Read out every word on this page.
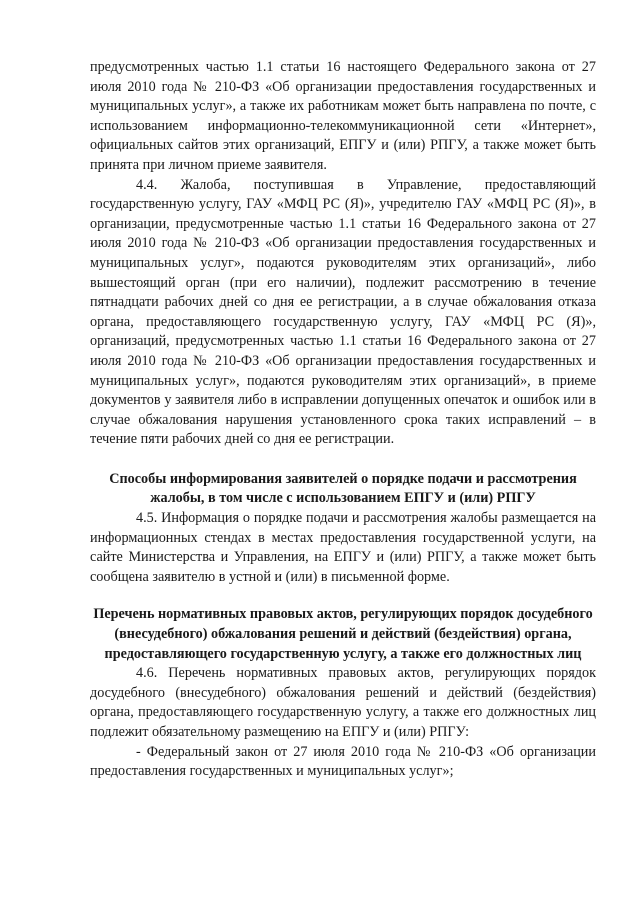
предусмотренных частью 1.1 статьи 16 настоящего Федерального закона от 27 июля 2010 года № 210-ФЗ «Об организации предоставления государственных и муниципальных услуг», а также их работникам может быть направлена по почте, с использованием информационно-телекоммуникационной сети «Интернет», официальных сайтов этих организаций, ЕПГУ и (или) РПГУ, а также может быть принята при личном приеме заявителя.

4.4. Жалоба, поступившая в Управление, предоставляющий государственную услугу, ГАУ «МФЦ РС (Я)», учредителю ГАУ «МФЦ РС (Я)», в организации, предусмотренные частью 1.1 статьи 16 Федерального закона от 27 июля 2010 года № 210-ФЗ «Об организации предоставления государственных и муниципальных услуг», подаются руководителям этих организаций», либо вышестоящий орган (при его наличии), подлежит рассмотрению в течение пятнадцати рабочих дней со дня ее регистрации, а в случае обжалования отказа органа, предоставляющего государственную услугу, ГАУ «МФЦ РС (Я)», организаций, предусмотренных частью 1.1 статьи 16 Федерального закона от 27 июля 2010 года № 210-ФЗ «Об организации предоставления государственных и муниципальных услуг», подаются руководителям этих организаций», в приеме документов у заявителя либо в исправлении допущенных опечаток и ошибок или в случае обжалования нарушения установленного срока таких исправлений – в течение пяти рабочих дней со дня ее регистрации.

Способы информирования заявителей о порядке подачи и рассмотрения жалобы, в том числе с использованием ЕПГУ и (или) РПГУ

4.5. Информация о порядке подачи и рассмотрения жалобы размещается на информационных стендах в местах предоставления государственной услуги, на сайте Министерства и Управления, на ЕПГУ и (или) РПГУ, а также может быть сообщена заявителю в устной и (или) в письменной форме.

Перечень нормативных правовых актов, регулирующих порядок досудебного (внесудебного) обжалования решений и действий (бездействия) органа, предоставляющего государственную услугу, а также его должностных лиц

4.6. Перечень нормативных правовых актов, регулирующих порядок досудебного (внесудебного) обжалования решений и действий (бездействия) органа, предоставляющего государственную услугу, а также его должностных лиц подлежит обязательному размещению на ЕПГУ и (или) РПГУ:

- Федеральный закон от 27 июля 2010 года № 210-ФЗ «Об организации предоставления государственных и муниципальных услуг»;
